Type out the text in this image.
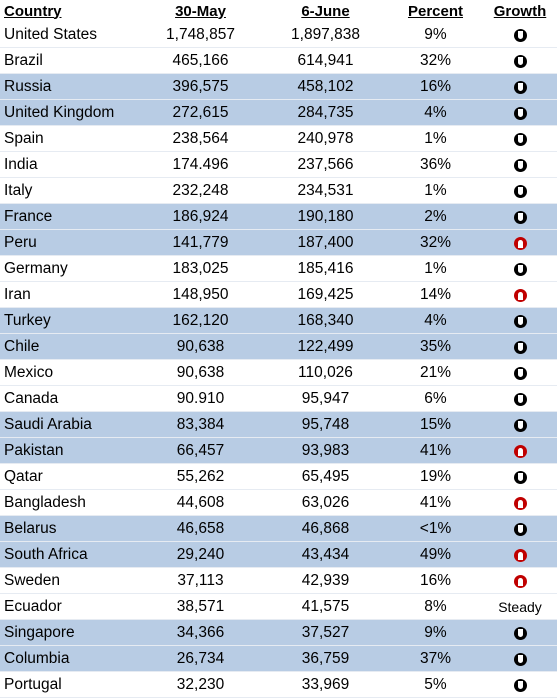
Country	30-May	6-June	Percent	Growth
United States	1,748,857	1,897,838	9%	
Brazil	465,166	614,941	32%	
Russia	396,575	458,102	16%	
United Kingdom	272,615	284,735	4%	
Spain	238,564	240,978	1%	
India	174.496	237,566	36%	
Italy	232,248	234,531	1%	
France	186,924	190,180	2%	
Peru	141,779	187,400	32%	
Germany	183,025	185,416	1%	
Iran	148,950	169,425	14%	
Turkey	162,120	168,340	4%	
Chile	90,638	122,499	35%	
Mexico	90,638	110,026	21%	
Canada	90.910	95,947	6%	
Saudi Arabia	83,384	95,748	15%	
Pakistan	66,457	93,983	41%	
Qatar	55,262	65,495	19%	
Bangladesh	44,608	63,026	41%	
Belarus	46,658	46,868	<1%	
South Africa	29,240	43,434	49%	
Sweden	37,113	42,939	16%	
Ecuador	38,571	41,575	8%	Steady
Singapore	34,366	37,527	9%	
Columbia	26,734	36,759	37%	
Portugal	32,230	33,969	5%	
